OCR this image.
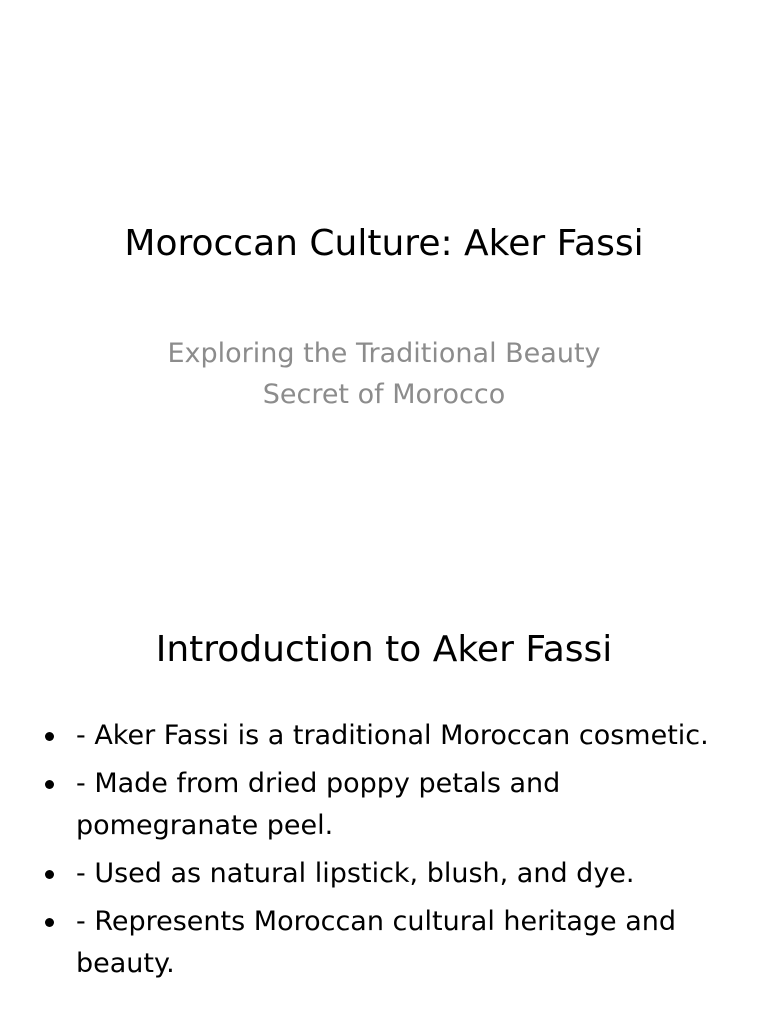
Moroccan Culture: Aker Fassi
Exploring the Traditional Beauty
Secret of Morocco
Introduction to Aker Fassi
- Aker Fassi is a traditional Moroccan cosmetic.
- Made from dried poppy petals and pomegranate peel.
- Used as natural lipstick, blush, and dye.
- Represents Moroccan cultural heritage and beauty.
